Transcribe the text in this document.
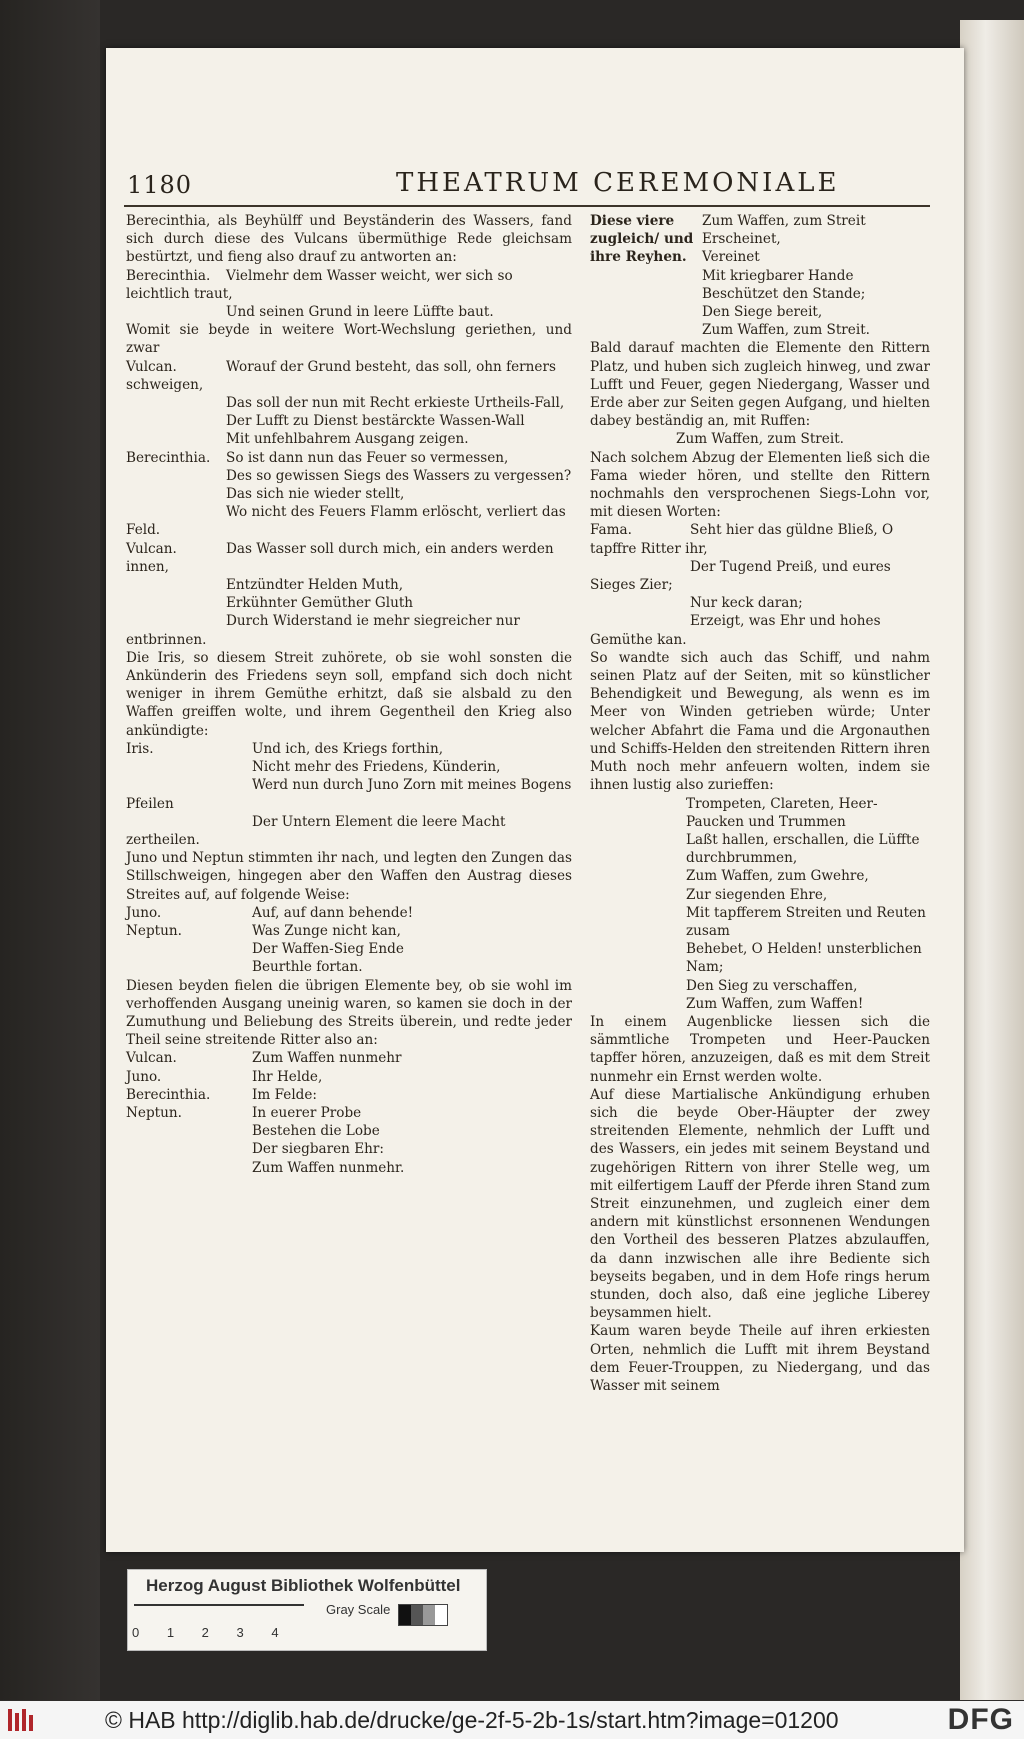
1180	THEATRUM CEREMONIALE

Berecinthia, als Beyhülff und Beyständerin des Wassers, fand sich durch diese des Vulcans übermüthige Rede gleichsam bestürtzt, und fieng also drauf zu antworten an:

Berecinthia. Vielmehr dem Wasser weicht, wer sich so leichtlich traut,

Und seinen Grund in leere Lüffte baut.

Womit sie beyde in weitere Wort-Wechslung geriethen, und zwar

Vulcan.	Worauf der Grund besteht, das soll, ohn ferners schweigen,

Das soll der nun mit Recht erkieste Urtheils-Fall,

Der Lufft zu Dienst bestärckte Wassen-Wall

Mit unfehlbahrem Ausgang zeigen.

Berecinthia. So ist dann nun das Feuer so vermessen,

Des so gewissen Siegs des Wassers zu vergessen?

Das sich nie wieder stellt,

Wo nicht des Feuers Flamm erlöscht, verliert das Feld.

Vulcan.	Das Wasser soll durch mich, ein anders werden innen,

Entzündter Helden Muth,

Erkühnter Gemüther Gluth

Durch Widerstand ie mehr siegreicher nur entbrinnen.

Die Iris, so diesem Streit zuhörete, ob sie wohl sonsten die Ankünderin des Friedens seyn soll, empfand sich doch nicht weniger in ihrem Gemüthe erhitzt, daß sie alsbald zu den Waffen greiffen wolte, und ihrem Gegentheil den Krieg also ankündigte:

Iris.	Und ich, des Kriegs forthin,

Nicht mehr des Friedens, Künderin,

Werd nun durch Juno Zorn mit meines Bogens Pfeilen

Der Untern Element die leere Macht zertheilen.

Juno und Neptun stimmten ihr nach, und legten den Zungen das Stillschweigen, hingegen aber den Waffen den Austrag dieses Streites auf, auf folgende Weise:

Juno.	Auf, auf dann behende!

Neptun.	Was Zunge nicht kan,

Der Waffen-Sieg Ende

Beurthle fortan.

Diesen beyden fielen die übrigen Elemente bey, ob sie wohl im verhoffenden Ausgang uneinig waren, so kamen sie doch in der Zumuthung und Beliebung des Streits überein, und redte jeder Theil seine streitende Ritter also an:

Vulcan.	Zum Waffen nunmehr

Juno.	Ihr Helde,

Berecinthia.	Im Felde:

Neptun.	In euerer Probe

Bestehen die Lobe

Der siegbaren Ehr:

Zum Waffen nunmehr.

Diese viere zugleich/ und ihre Reyhen.

Zum Waffen, zum Streit

Erscheinet,

Vereinet

Mit kriegbarer Hande

Beschützet den Stande;

Den Siege bereit,

Zum Waffen, zum Streit.

Bald darauf machten die Elemente den Rittern Platz, und huben sich zugleich hinweg, und zwar Lufft und Feuer, gegen Niedergang, Wasser und Erde aber zur Seiten gegen Aufgang, und hielten dabey beständig an, mit Ruffen:

Zum Waffen, zum Streit.

Nach solchem Abzug der Elementen ließ sich die Fama wieder hören, und stellte den Rittern nochmahls den versprochenen Siegs-Lohn vor, mit diesen Worten:

Fama.	Seht hier das güldne Bließ, O tapffre Ritter ihr,

Der Tugend Preiß, und eures Sieges Zier;

Nur keck daran;

Erzeigt, was Ehr und hohes Gemüthe kan.

So wandte sich auch das Schiff, und nahm seinen Platz auf der Seiten, mit so künstlicher Behendigkeit und Bewegung, als wenn es im Meer von Winden getrieben würde; Unter welcher Abfahrt die Fama und die Argonauthen und Schiffs-Helden den streitenden Rittern ihren Muth noch mehr anfeuern wolten, indem sie ihnen lustig also zurieffen:

Trompeten, Clareten, Heer-Paucken und Trummen

Laßt hallen, erschallen, die Lüffte durchbrummen,

Zum Waffen, zum Gwehre,

Zur siegenden Ehre,

Mit tapfferem Streiten und Reuten zusam

Behebet, O Helden! unsterblichen Nam;

Den Sieg zu verschaffen,

Zum Waffen, zum Waffen!

In einem Augenblicke liessen sich die sämmtliche Trompeten und Heer-Paucken tapffer hören, anzuzeigen, daß es mit dem Streit nunmehr ein Ernst werden wolte.

Auf diese Martialische Ankündigung erhuben sich die beyde Ober-Häupter der zwey streitenden Elemente, nehmlich der Lufft und des Wassers, ein jedes mit seinem Beystand und zugehörigen Rittern von ihrer Stelle weg, um mit eilfertigem Lauff der Pferde ihren Stand zum Streit einzunehmen, und zugleich einer dem andern mit künstlichst ersonnenen Wendungen den Vortheil des besseren Platzes abzulauffen, da dann inzwischen alle ihre Bediente sich beyseits begaben, und in dem Hofe rings herum stunden, doch also, daß eine jegliche Liberey beysammen hielt.

Kaum waren beyde Theile auf ihren erkiesten Orten, nehmlich die Lufft mit ihrem Beystand dem Feuer-Trouppen, zu Niedergang, und das Wasser mit seinem

Herzog August Bibliothek Wolfenbüttel
0 1 2 3 4
Gray Scale
© HAB http://diglib.hab.de/drucke/ge-2f-5-2b-1s/start.htm?image=01200	DFG
